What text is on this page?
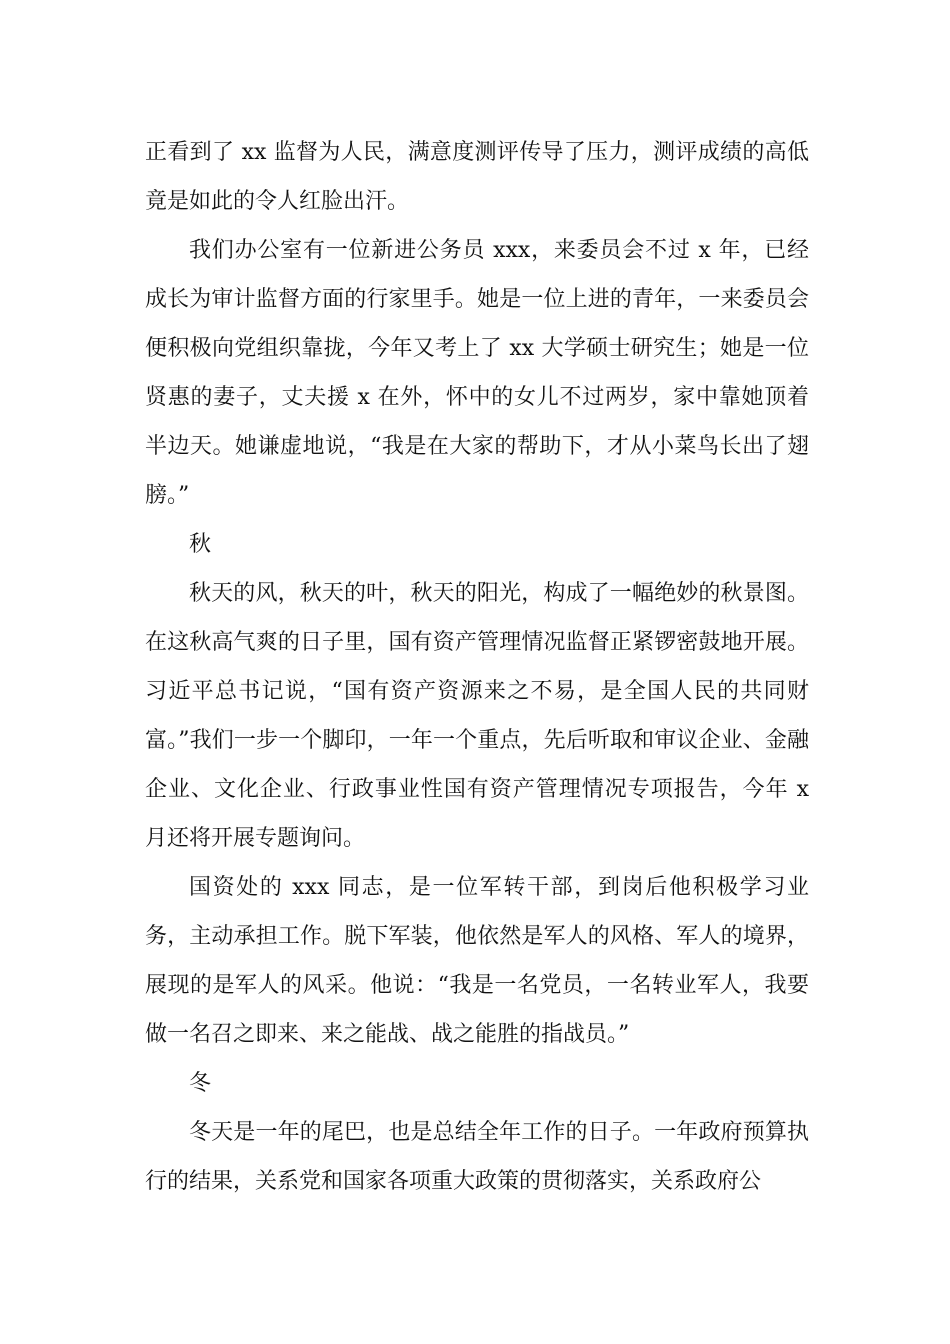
正看到了 xx 监督为人民，满意度测评传导了压力，测评成绩的高低竟是如此的令人红脸出汗。

我们办公室有一位新进公务员 xxx，来委员会不过 x 年，已经成长为审计监督方面的行家里手。她是一位上进的青年，一来委员会便积极向党组织靠拢，今年又考上了 xx 大学硕士研究生；她是一位贤惠的妻子，丈夫援 x 在外，怀中的女儿不过两岁，家中靠她顶着半边天。她谦虚地说，“我是在大家的帮助下，才从小菜鸟长出了翅膀。”

秋

秋天的风，秋天的叶，秋天的阳光，构成了一幅绝妙的秋景图。在这秋高气爽的日子里，国有资产管理情况监督正紧锣密鼓地开展。习近平总书记说，“国有资产资源来之不易，是全国人民的共同财富。”我们一步一个脚印，一年一个重点，先后听取和审议企业、金融企业、文化企业、行政事业性国有资产管理情况专项报告，今年 x 月还将开展专题询问。

国资处的 xxx 同志，是一位军转干部，到岗后他积极学习业务，主动承担工作。脱下军装，他依然是军人的风格、军人的境界，展现的是军人的风采。他说：“我是一名党员，一名转业军人，我要做一名召之即来、来之能战、战之能胜的指战员。”

冬

冬天是一年的尾巴，也是总结全年工作的日子。一年政府预算执行的结果，关系党和国家各项重大政策的贯彻落实，关系政府公
